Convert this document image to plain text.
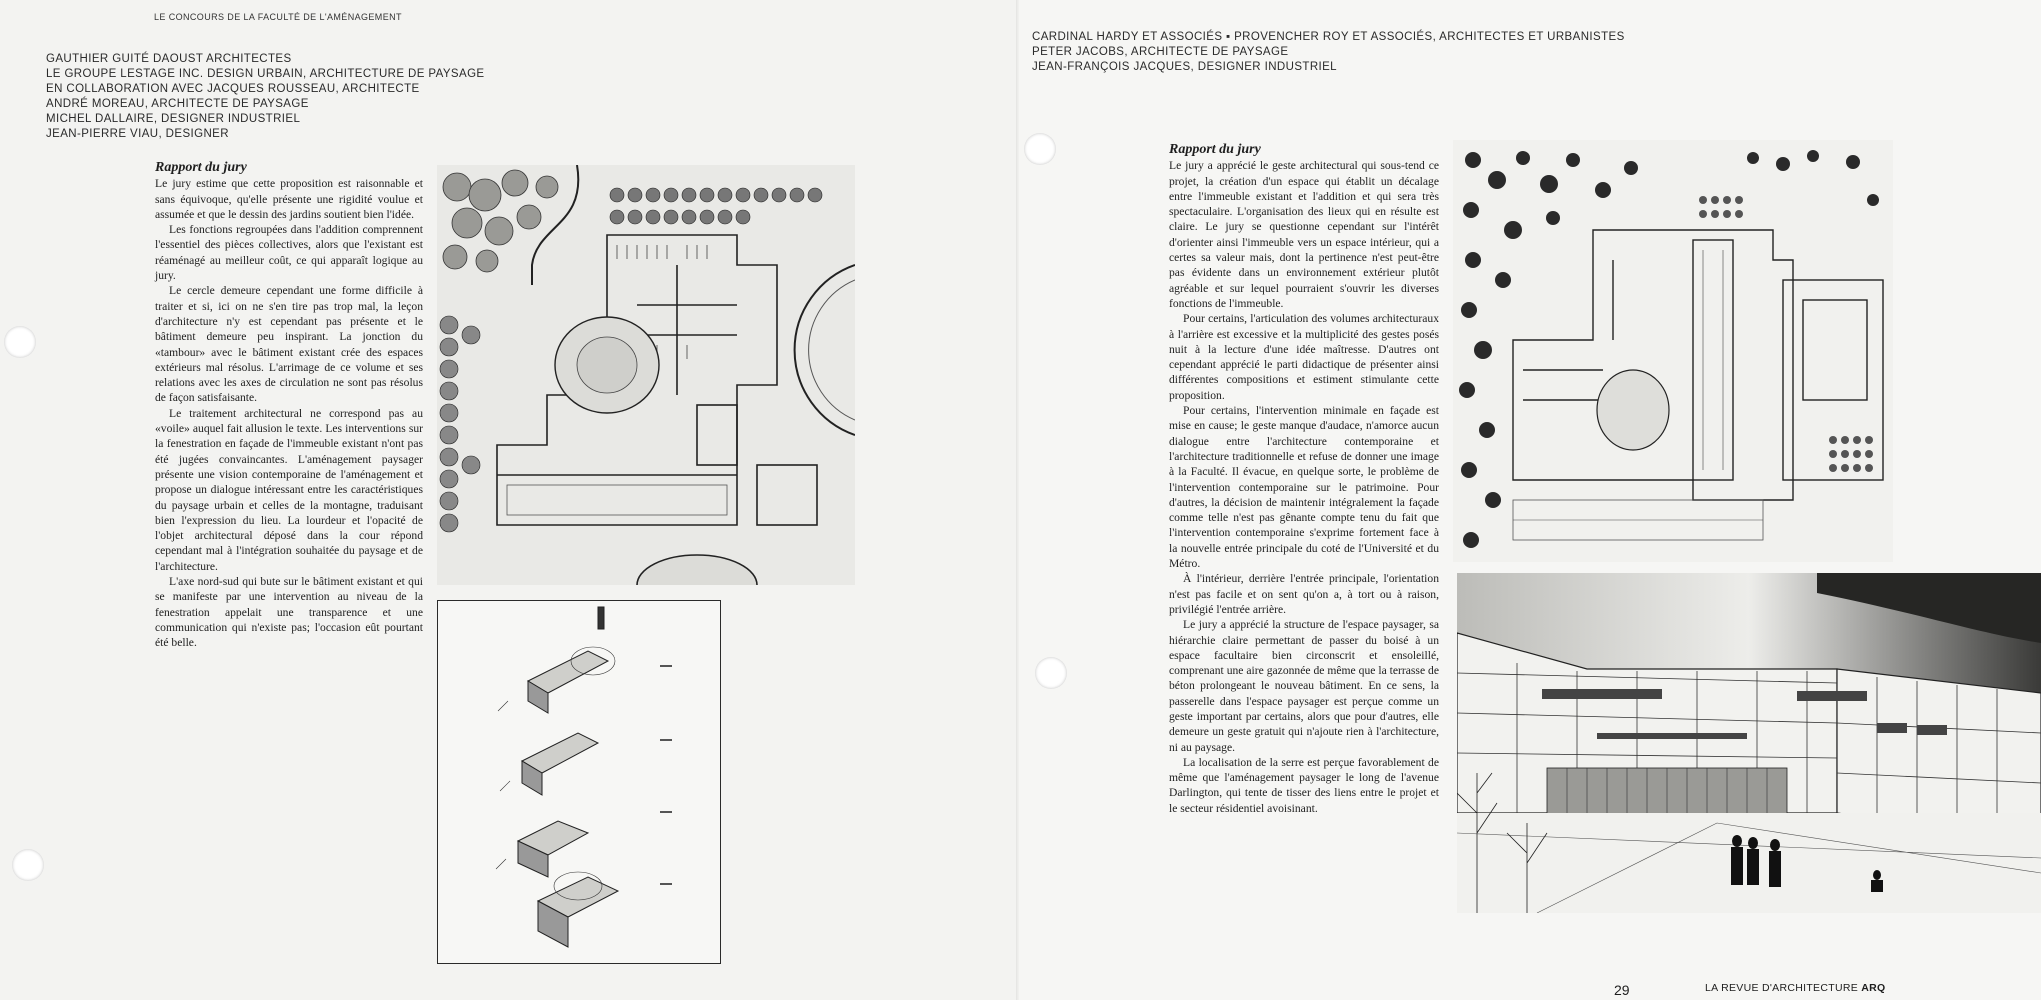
LE CONCOURS DE LA FACULTÉ DE L'AMÉNAGEMENT
GAUTHIER GUITÉ DAOUST ARCHITECTES
LE GROUPE LESTAGE INC. DESIGN URBAIN, ARCHITECTURE DE PAYSAGE
EN COLLABORATION AVEC JACQUES ROUSSEAU, ARCHITECTE
ANDRÉ MOREAU, ARCHITECTE DE PAYSAGE
MICHEL DALLAIRE, DESIGNER INDUSTRIEL
JEAN-PIERRE VIAU, DESIGNER
Rapport du jury

Le jury estime que cette proposition est raisonnable et sans équivoque, qu'elle présente une rigidité voulue et assumée et que le dessin des jardins soutient bien l'idée.

Les fonctions regroupées dans l'addition comprennent l'essentiel des pièces collectives, alors que l'existant est réaménagé au meilleur coût, ce qui apparaît logique au jury.

Le cercle demeure cependant une forme difficile à traiter et si, ici on ne s'en tire pas trop mal, la leçon d'architecture n'y est cependant pas présente et le bâtiment demeure peu inspirant. La jonction du «tambour» avec le bâtiment existant crée des espaces extérieurs mal résolus. L'arrimage de ce volume et ses relations avec les axes de circulation ne sont pas résolus de façon satisfaisante.

Le traitement architectural ne correspond pas au «voile» auquel fait allusion le texte. Les interventions sur la fenestration en façade de l'immeuble existant n'ont pas été jugées convaincantes. L'aménagement paysager présente une vision contemporaine de l'aménagement et propose un dialogue intéressant entre les caractéristiques du paysage urbain et celles de la montagne, traduisant bien l'expression du lieu. La lourdeur et l'opacité de l'objet architectural déposé dans la cour répond cependant mal à l'intégration souhaitée du paysage et de l'architecture.

L'axe nord-sud qui bute sur le bâtiment existant et qui se manifeste par une intervention au niveau de la fenestration appelait une transparence et une communication qui n'existe pas; l'occasion eût pourtant été belle.

CARDINAL HARDY ET ASSOCIÉS ▪ PROVENCHER ROY ET ASSOCIÉS, ARCHITECTES ET URBANISTES
PETER JACOBS, ARCHITECTE DE PAYSAGE
JEAN-FRANÇOIS JACQUES, DESIGNER INDUSTRIEL
Rapport du jury

Le jury a apprécié le geste architectural qui sous-tend ce projet, la création d'un espace qui établit un décalage entre l'immeuble existant et l'addition et qui sera très spectaculaire. L'organisation des lieux qui en résulte est claire. Le jury se questionne cependant sur l'intérêt d'orienter ainsi l'immeuble vers un espace intérieur, qui a certes sa valeur mais, dont la pertinence n'est peut-être pas évidente dans un environnement extérieur plutôt agréable et sur lequel pourraient s'ouvrir les diverses fonctions de l'immeuble.

Pour certains, l'articulation des volumes architecturaux à l'arrière est excessive et la multiplicité des gestes posés nuit à la lecture d'une idée maîtresse. D'autres ont cependant apprécié le parti didactique de présenter ainsi différentes compositions et estiment stimulante cette proposition.

Pour certains, l'intervention minimale en façade est mise en cause; le geste manque d'audace, n'amorce aucun dialogue entre l'architecture contemporaine et l'architecture traditionnelle et refuse de donner une image à la Faculté. Il évacue, en quelque sorte, le problème de l'intervention contemporaine sur le patrimoine. Pour d'autres, la décision de maintenir intégralement la façade comme telle n'est pas gênante compte tenu du fait que l'intervention contemporaine s'exprime fortement face à la nouvelle entrée principale du coté de l'Université et du Métro.

À l'intérieur, derrière l'entrée principale, l'orientation n'est pas facile et on sent qu'on a, à tort ou à raison, privilégié l'entrée arrière.

Le jury a apprécié la structure de l'espace paysager, sa hiérarchie claire permettant de passer du boisé à un espace facultaire bien circonscrit et ensoleillé, comprenant une aire gazonnée de même que la terrasse de béton prolongeant le nouveau bâtiment. En ce sens, la passerelle dans l'espace paysager est perçue comme un geste important par certains, alors que pour d'autres, elle demeure un geste gratuit qui n'ajoute rien à l'architecture, ni au paysage.

La localisation de la serre est perçue favorablement de même que l'aménagement paysager le long de l'avenue Darlington, qui tente de tisser des liens entre le projet et le secteur résidentiel avoisinant.

29	LA REVUE D'ARCHITECTURE ARQ
